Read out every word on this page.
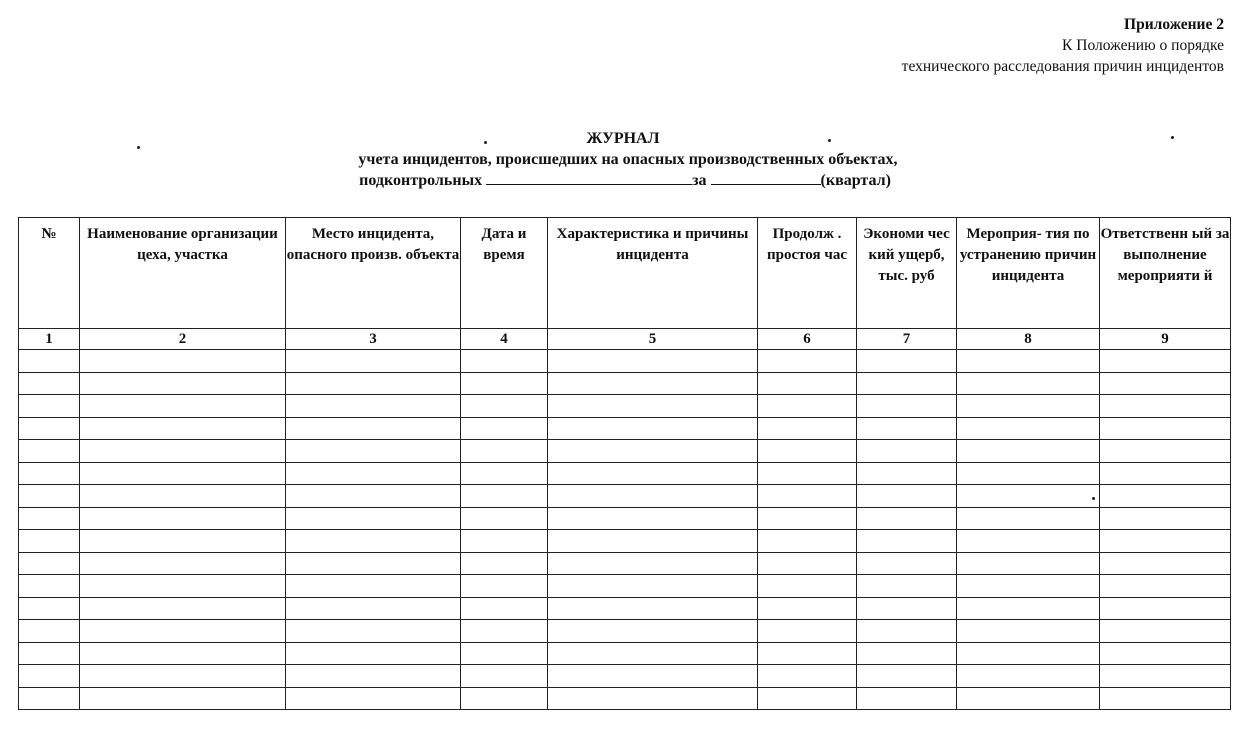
Приложение 2
К Положению о порядке
технического расследования причин инцидентов
ЖУРНАЛ
учета инцидентов, происшедших на опасных производственных объектах,
подконтрольных	за	(квартал)
№	Наименование организации цеха, участка	Место инцидента, опасного произв. объекта	Дата и время	Характеристика и причины инцидента	Продолж . простоя час	Экономи чес кий ущерб, тыс. руб	Мероприя- тия по устранению причин инцидента	Ответственн ый за выполнение мероприяти й
1	2	3	4	5	6	7	8	9
